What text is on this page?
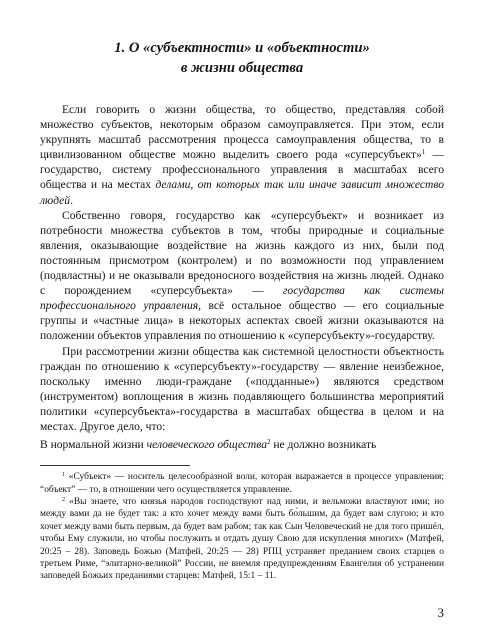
1. О «субъектности» и «объектности»
в жизни общества

Если говорить о жизни общества, то общество, представляя собой множество субъектов, некоторым образом самоуправляется. При этом, если укрупнять масштаб рассмотрения процесса самоуправления общества, то в цивилизованном обществе можно выделить своего рода «суперсубъект»$^1$ — государство, систему профессионального управления в масштабах всего общества и на местах делами, от которых так или иначе зависит множество людей.

Собственно говоря, государство как «суперсубъект» и возникает из потребности множества субъектов в том, чтобы природные и социальные явления, оказывающие воздействие на жизнь каждого из них, были под постоянным присмотром (контролем) и по возможности под управлением (подвластны) и не оказывали вредоносного воздействия на жизнь людей. Однако с порождением «суперсубъекта» — государства как системы профессионального управления, всё остальное общество — его социальные группы и «частные лица» в некоторых аспектах своей жизни оказываются на положении объектов управления по отношению к «суперсубъекту»-государству.

При рассмотрении жизни общества как системной целостности объектность граждан по отношению к «суперсубъекту»-государству — явление неизбежное, поскольку именно люди-граждане («подданные») являются средством (инструментом) воплощения в жизнь подавляющего большинства мероприятий политики «суперсубъекта»-государства в масштабах общества в целом и на местах. Другое дело, что:

В нормальной жизни человеческого общества$^2$ не должно возникать

$^1$ «Субъект» — носитель целесообразной воли, которая выражается в процессе управления; “объект” — то, в отношении чего осуществляется управление.

$^2$ «Вы знаете, что князья народов господствуют над ними, и вельможи властвуют ими; но между вами да не будет так: а кто хочет между вами быть бо́льшим, да будет вам слугою; и кто хочет между вами быть первым, да будет вам рабом; так как Сын Человеческий не для того пришёл, чтобы Ему служили, но чтобы послужить и отдать душу Свою для искупления многих» (Матфей, 20:25 – 28). Заповедь Божью (Матфей, 20:25 — 28) РПЦ устраняет преданием своих старцев о третьем Риме, “элитарно-великой” России, не внемля предупреждениям Евангелия об устранении заповедей Божьих преданиями старцев: Матфей, 15:1 – 11.

3
